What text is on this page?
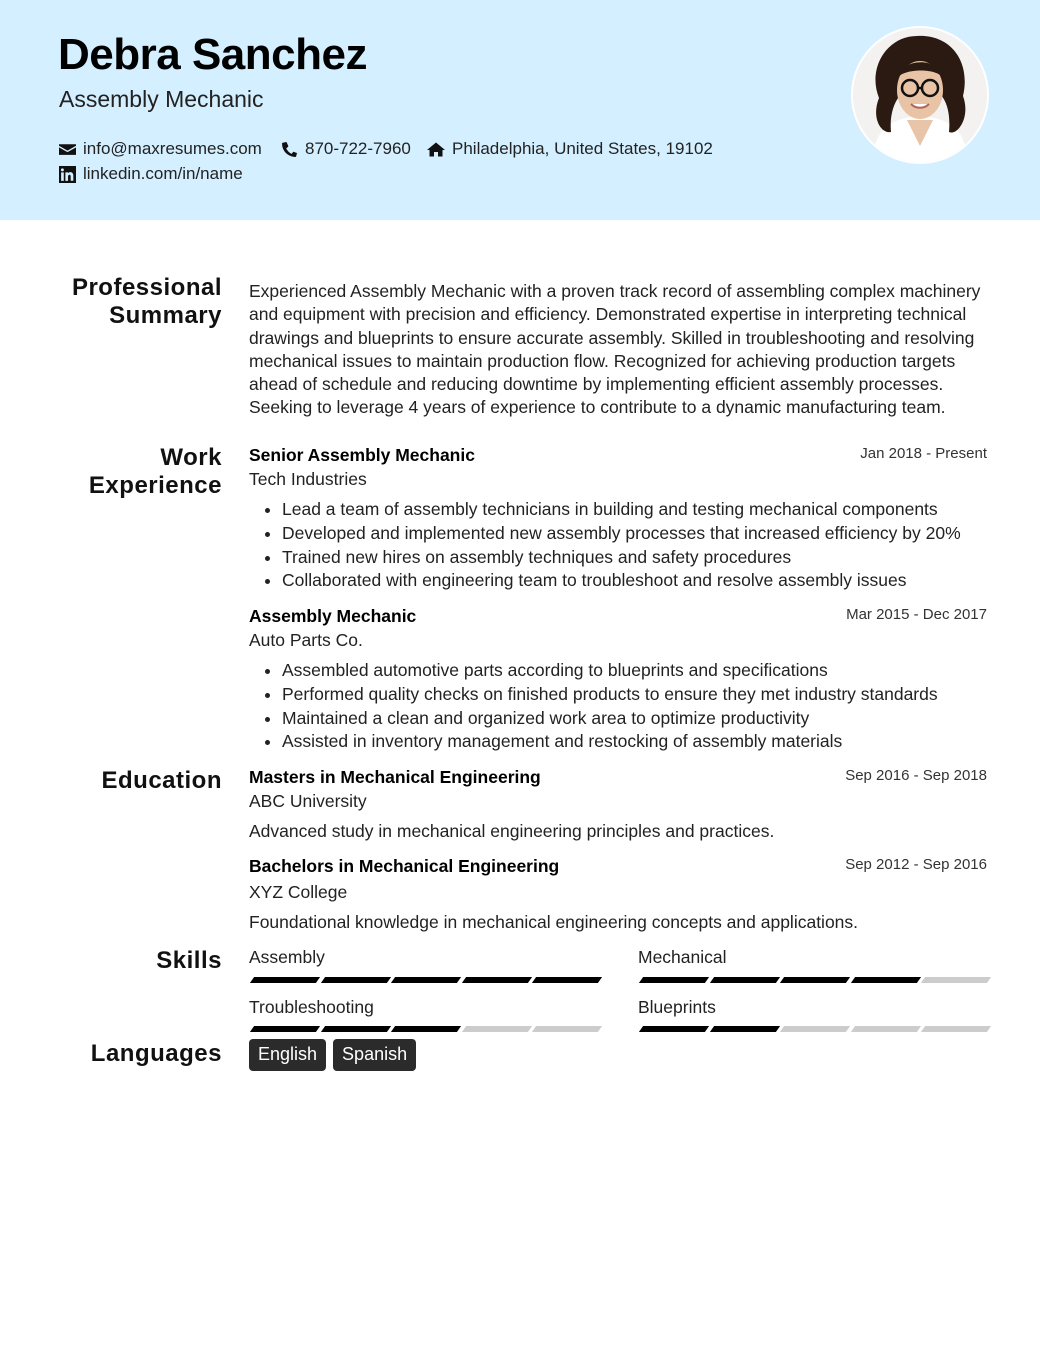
Debra Sanchez
Assembly Mechanic
info@maxresumes.com	870-722-7960 Philadelphia, United States, 19102
linkedin.com/in/name
Professional
Summary

Experienced Assembly Mechanic with a proven track record of assembling complex machinery and equipment with precision and efficiency. Demonstrated expertise in interpreting technical drawings and blueprints to ensure accurate assembly. Skilled in troubleshooting and resolving mechanical issues to maintain production flow. Recognized for achieving production targets ahead of schedule and reducing downtime by implementing efficient assembly processes. Seeking to leverage 4 years of experience to contribute to a dynamic manufacturing team.

Work
Experience
Senior Assembly Mechanic	Jan 2018 - Present
Tech Industries
• Lead a team of assembly technicians in building and testing mechanical components
• Developed and implemented new assembly processes that increased efficiency by 20%
• Trained new hires on assembly techniques and safety procedures
• Collaborated with engineering team to troubleshoot and resolve assembly issues
Assembly Mechanic	Mar 2015 - Dec 2017
Auto Parts Co.
• Assembled automotive parts according to blueprints and specifications
• Performed quality checks on finished products to ensure they met industry standards
• Maintained a clean and organized work area to optimize productivity
• Assisted in inventory management and restocking of assembly materials
Education Masters in Mechanical Engineering	Sep 2016 - Sep 2018
ABC University
Advanced study in mechanical engineering principles and practices.
Bachelors in Mechanical Engineering	Sep 2012 - Sep 2016
XYZ College
Foundational knowledge in mechanical engineering concepts and applications.
Skills Assembly	Mechanical
Troubleshooting	Blueprints
Languages	English	Spanish
